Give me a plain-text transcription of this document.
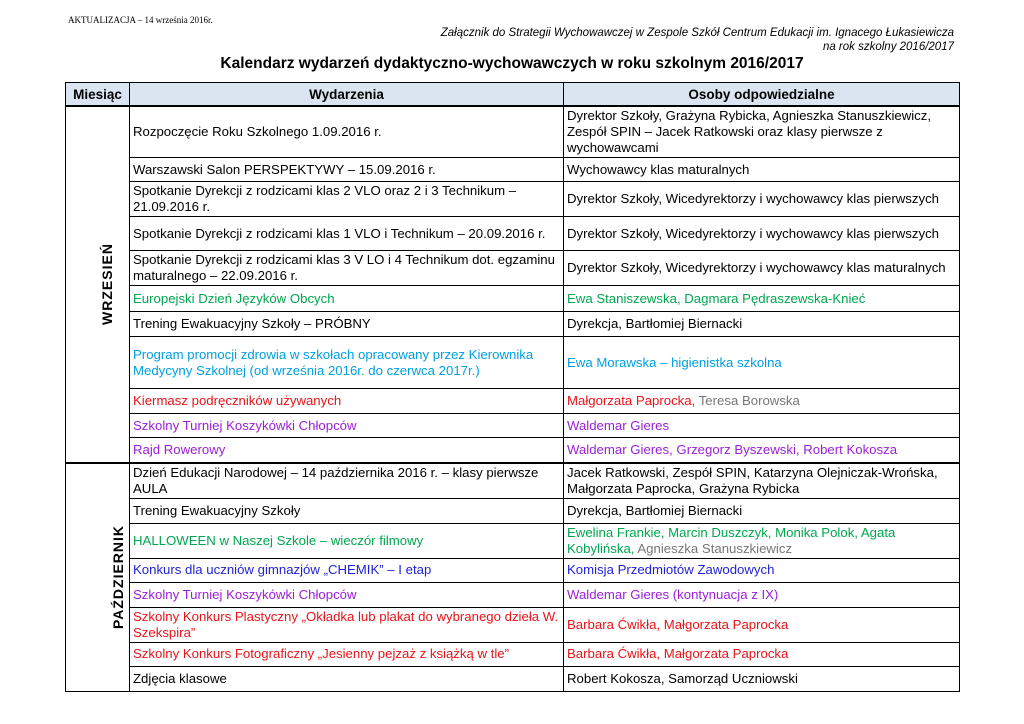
AKTUALIZACJA – 14 września 2016r.
Załącznik do Strategii Wychowawczej w Zespole Szkół Centrum Edukacji im. Ignacego Łukasiewicza
na rok szkolny 2016/2017
Kalendarz wydarzeń dydaktyczno-wychowawczych w roku szkolnym 2016/2017
Miesiąc	Wydarzenia	Osoby odpowiedzialne
WRZESIEŃ	Rozpoczęcie Roku Szkolnego 1.09.2016 r.	Dyrektor Szkoły, Grażyna Rybicka, Agnieszka Stanuszkiewicz, Zespół SPIN – Jacek Ratkowski oraz klasy pierwsze z wychowawcami
	Warszawski Salon PERSPEKTYWY – 15.09.2016 r.	Wychowawcy klas maturalnych
	Spotkanie Dyrekcji z rodzicami klas 2 VLO oraz 2 i 3 Technikum – 21.09.2016 r.	Dyrektor Szkoły, Wicedyrektorzy i wychowawcy klas pierwszych
	Spotkanie Dyrekcji z rodzicami klas 1 VLO i Technikum – 20.09.2016 r.	Dyrektor Szkoły, Wicedyrektorzy i wychowawcy klas pierwszych
	Spotkanie Dyrekcji z rodzicami klas 3 V LO i 4 Technikum dot. egzaminu maturalnego – 22.09.2016 r.	Dyrektor Szkoły, Wicedyrektorzy i wychowawcy klas maturalnych
	Europejski Dzień Języków Obcych	Ewa Staniszewska, Dagmara Pędraszewska-Knieć
	Trening Ewakuacyjny Szkoły – PRÓBNY	Dyrekcja, Bartłomiej Biernacki
	Program promocji zdrowia w szkołach opracowany przez Kierownika Medycyny Szkolnej (od września 2016r. do czerwca 2017r.)	Ewa Morawska – higienistka szkolna
	Kiermasz podręczników używanych	Małgorzata Paprocka, Teresa Borowska
	Szkolny Turniej Koszykówki Chłopców	Waldemar Gieres
	Rajd Rowerowy	Waldemar Gieres, Grzegorz Byszewski, Robert Kokosza
PAŹDZIERNIK	Dzień Edukacji Narodowej – 14 października 2016 r. – klasy pierwsze AULA	Jacek Ratkowski, Zespół SPIN, Katarzyna Olejniczak-Wrońska, Małgorzata Paprocka, Grażyna Rybicka
	Trening Ewakuacyjny Szkoły	Dyrekcja, Bartłomiej Biernacki
	HALLOWEEN w Naszej Szkole – wieczór filmowy	Ewelina Frankie, Marcin Duszczyk, Monika Polok, Agata Kobylińska, Agnieszka Stanuszkiewicz
	Konkurs dla uczniów gimnazjów „CHEMIK” – I etap	Komisja Przedmiotów Zawodowych
	Szkolny Turniej Koszykówki Chłopców	Waldemar Gieres (kontynuacja z IX)
	Szkolny Konkurs Plastyczny „Okładka lub plakat do wybranego dzieła W. Szekspira”	Barbara Ćwikła, Małgorzata Paprocka
	Szkolny Konkurs Fotograficzny „Jesienny pejzaż z książką w tle”	Barbara Ćwikła, Małgorzata Paprocka
	Zdjęcia klasowe	Robert Kokosza, Samorząd Uczniowski
